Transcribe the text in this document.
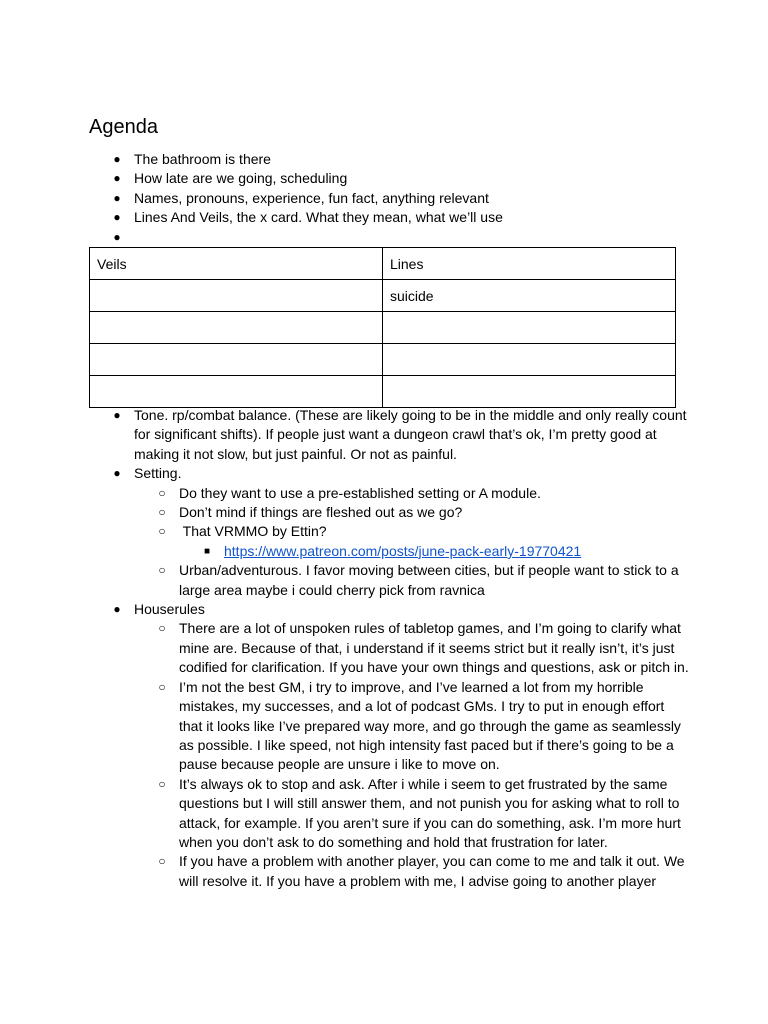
Agenda
● The bathroom is there
● How late are we going, scheduling
● Names, pronouns, experience, fun fact, anything relevant
● Lines And Veils, the x card. What they mean, what we’ll use
●
Veils	Lines
	suicide

● Tone. rp/combat balance. (These are likely going to be in the middle and only really count for significant shifts). If people just want a dungeon crawl that’s ok, I’m pretty good at making it not slow, but just painful. Or not as painful.
● Setting.
○ Do they want to use a pre-established setting or A module.
○ Don’t mind if things are fleshed out as we go?
○ That VRMMO by Ettin?
■ https://www.patreon.com/posts/june-pack-early-19770421
○ Urban/adventurous. I favor moving between cities, but if people want to stick to a large area maybe i could cherry pick from ravnica
● Houserules
○ There are a lot of unspoken rules of tabletop games, and I’m going to clarify what mine are. Because of that, i understand if it seems strict but it really isn’t, it’s just codified for clarification. If you have your own things and questions, ask or pitch in.
○ I’m not the best GM, i try to improve, and I’ve learned a lot from my horrible mistakes, my successes, and a lot of podcast GMs. I try to put in enough effort that it looks like I’ve prepared way more, and go through the game as seamlessly as possible. I like speed, not high intensity fast paced but if there’s going to be a pause because people are unsure i like to move on.
○ It’s always ok to stop and ask. After i while i seem to get frustrated by the same questions but I will still answer them, and not punish you for asking what to roll to attack, for example. If you aren’t sure if you can do something, ask. I’m more hurt when you don’t ask to do something and hold that frustration for later.
○ If you have a problem with another player, you can come to me and talk it out. We will resolve it. If you have a problem with me, I advise going to another player
